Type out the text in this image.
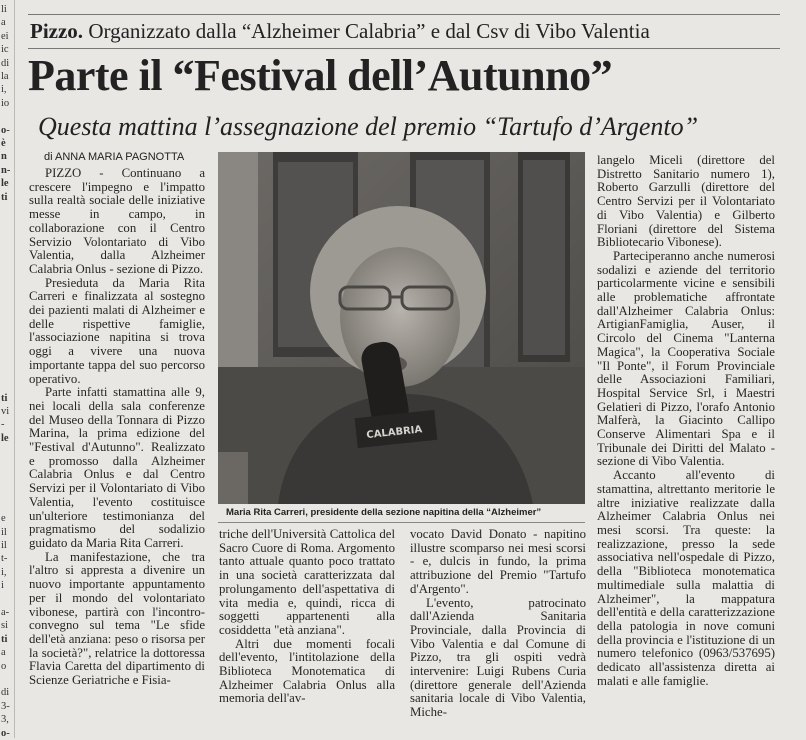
li
a
ei
ic
di
la
i,
io
o-
è
n
n-
le
ti
ti
vi
-
le
e
il
il
t-
i,
i
a-
si
ti
a
o
di
3-
3,
o-
Pizzo. Organizzato dalla “Alzheimer Calabria” e dal Csv di Vibo Valentia
Parte il “Festival dell’Autunno”
Questa mattina l’assegnazione del premio “Tartufo d’Argento”
di ANNA MARIA PAGNOTTA

PIZZO - Continuano a crescere l'impegno e l'impatto sulla realtà sociale delle iniziative messe in campo, in collaborazione con il Centro Servizio Volontariato di Vibo Valentia, dalla Alzheimer Calabria Onlus - sezione di Pizzo.

Presieduta da Maria Rita Carreri e finalizzata al sostegno dei pazienti malati di Alzheimer e delle rispettive famiglie, l'associazione napitina si trova oggi a vivere una nuova importante tappa del suo percorso operativo.

Parte infatti stamattina alle 9, nei locali della sala conferenze del Museo della Tonnara di Pizzo Marina, la prima edizione del "Festival d'Autunno". Realizzato e promosso dalla Alzheimer Calabria Onlus e dal Centro Servizi per il Volontariato di Vibo Valentia, l'evento costituisce un'ulteriore testimonianza del pragmatismo del sodalizio guidato da Maria Rita Carreri.

La manifestazione, che tra l'altro si appresta a divenire un nuovo importante appuntamento per il mondo del volontariato vibonese, partirà con l'incontro-convegno sul tema "Le sfide dell'età anziana: peso o risorsa per la società?", relatrice la dottoressa Flavia Caretta del dipartimento di Scienze Geriatriche e Fisia-

CALABRIA
Maria Rita Carreri, presidente della sezione napitina della “Alzheimer”

triche dell'Università Cattolica del Sacro Cuore di Roma. Argomento tanto attuale quanto poco trattato in una società caratterizzata dal prolungamento dell'aspettativa di vita media e, quindi, ricca di soggetti appartenenti alla cosiddetta "età anziana".

Altri due momenti focali dell'evento, l'intitolazione della Biblioteca Monotematica di Alzheimer Calabria Onlus alla memoria dell'av-

vocato David Donato - napitino illustre scomparso nei mesi scorsi - e, dulcis in fundo, la prima attribuzione del Premio "Tartufo d'Argento".

L'evento, patrocinato dall'Azienda Sanitaria Provinciale, dalla Provincia di Vibo Valentia e dal Comune di Pizzo, tra gli ospiti vedrà intervenire: Luigi Rubens Curia (direttore generale dell'Azienda sanitaria locale di Vibo Valentia, Miche-

langelo Miceli (direttore del Distretto Sanitario numero 1), Roberto Garzulli (direttore del Centro Servizi per il Volontariato di Vibo Valentia) e Gilberto Floriani (direttore del Sistema Bibliotecario Vibonese).

Parteciperanno anche numerosi sodalizi e aziende del territorio particolarmente vicine e sensibili alle problematiche affrontate dall'Alzheimer Calabria Onlus: ArtigianFamiglia, Auser, il Circolo del Cinema "Lanterna Magica", la Cooperativa Sociale "Il Ponte", il Forum Provinciale delle Associazioni Familiari, Hospital Service Srl, i Maestri Gelatieri di Pizzo, l'orafo Antonio Malferà, la Giacinto Callipo Conserve Alimentari Spa e il Tribunale dei Diritti del Malato - sezione di Vibo Valentia.

Accanto all'evento di stamattina, altrettanto meritorie le altre iniziative realizzate dalla Alzheimer Calabria Onlus nei mesi scorsi. Tra queste: la realizzazione, presso la sede associativa nell'ospedale di Pizzo, della "Biblioteca monotematica multimediale sulla malattia di Alzheimer", la mappatura dell'entità e della caratterizzazione della patologia in nove comuni della provincia e l'istituzione di un numero telefonico (0963/537695) dedicato all'assistenza diretta ai malati e alle famiglie.
